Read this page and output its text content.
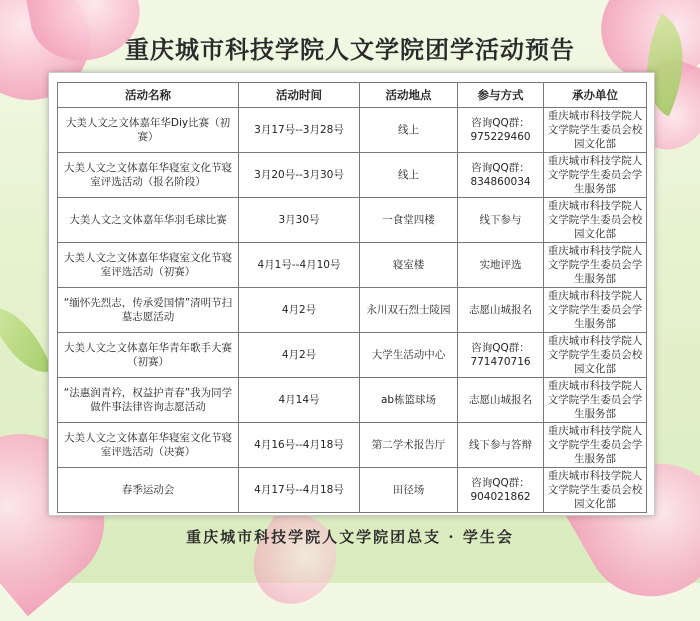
重庆城市科技学院人文学院团学活动预告
活动名称	活动时间	活动地点	参与方式	承办单位
大美人文之文体嘉年华Diy比赛（初赛）	3月17号--3月28号	线上	咨询QQ群：975229460	重庆城市科技学院人文学院学生委员会校园文化部
大美人文之文体嘉年华寝室文化节寝室评选活动（报名阶段）	3月20号--3月30号	线上	咨询QQ群：834860034	重庆城市科技学院人文学院学生委员会学生服务部
大美人文之文体嘉年华羽毛球比赛	3月30号	一食堂四楼	线下参与	重庆城市科技学院人文学院学生委员会校园文化部
大美人文之文体嘉年华寝室文化节寝室评选活动（初赛）	4月1号--4月10号	寝室楼	实地评选	重庆城市科技学院人文学院学生委员会学生服务部
“缅怀先烈志，传承爱国情”清明节扫墓志愿活动	4月2号	永川双石烈士陵园	志愿山城报名	重庆城市科技学院人文学院学生委员会学生服务部
大美人文之文体嘉年华青年歌手大赛（初赛）	4月2号	大学生活动中心	咨询QQ群：771470716	重庆城市科技学院人文学院学生委员会校园文化部
“法惠润青衿，权益护青春”我为同学做件事法律咨询志愿活动	4月14号	ab栋篮球场	志愿山城报名	重庆城市科技学院人文学院学生委员会学生服务部
大美人文之文体嘉年华寝室文化节寝室评选活动（决赛）	4月16号--4月18号	第二学术报告厅	线下参与答辩	重庆城市科技学院人文学院学生委员会学生服务部
春季运动会	4月17号--4月18号	田径场	咨询QQ群：904021862	重庆城市科技学院人文学院学生委员会校园文化部
重庆城市科技学院人文学院团总支 · 学生会
